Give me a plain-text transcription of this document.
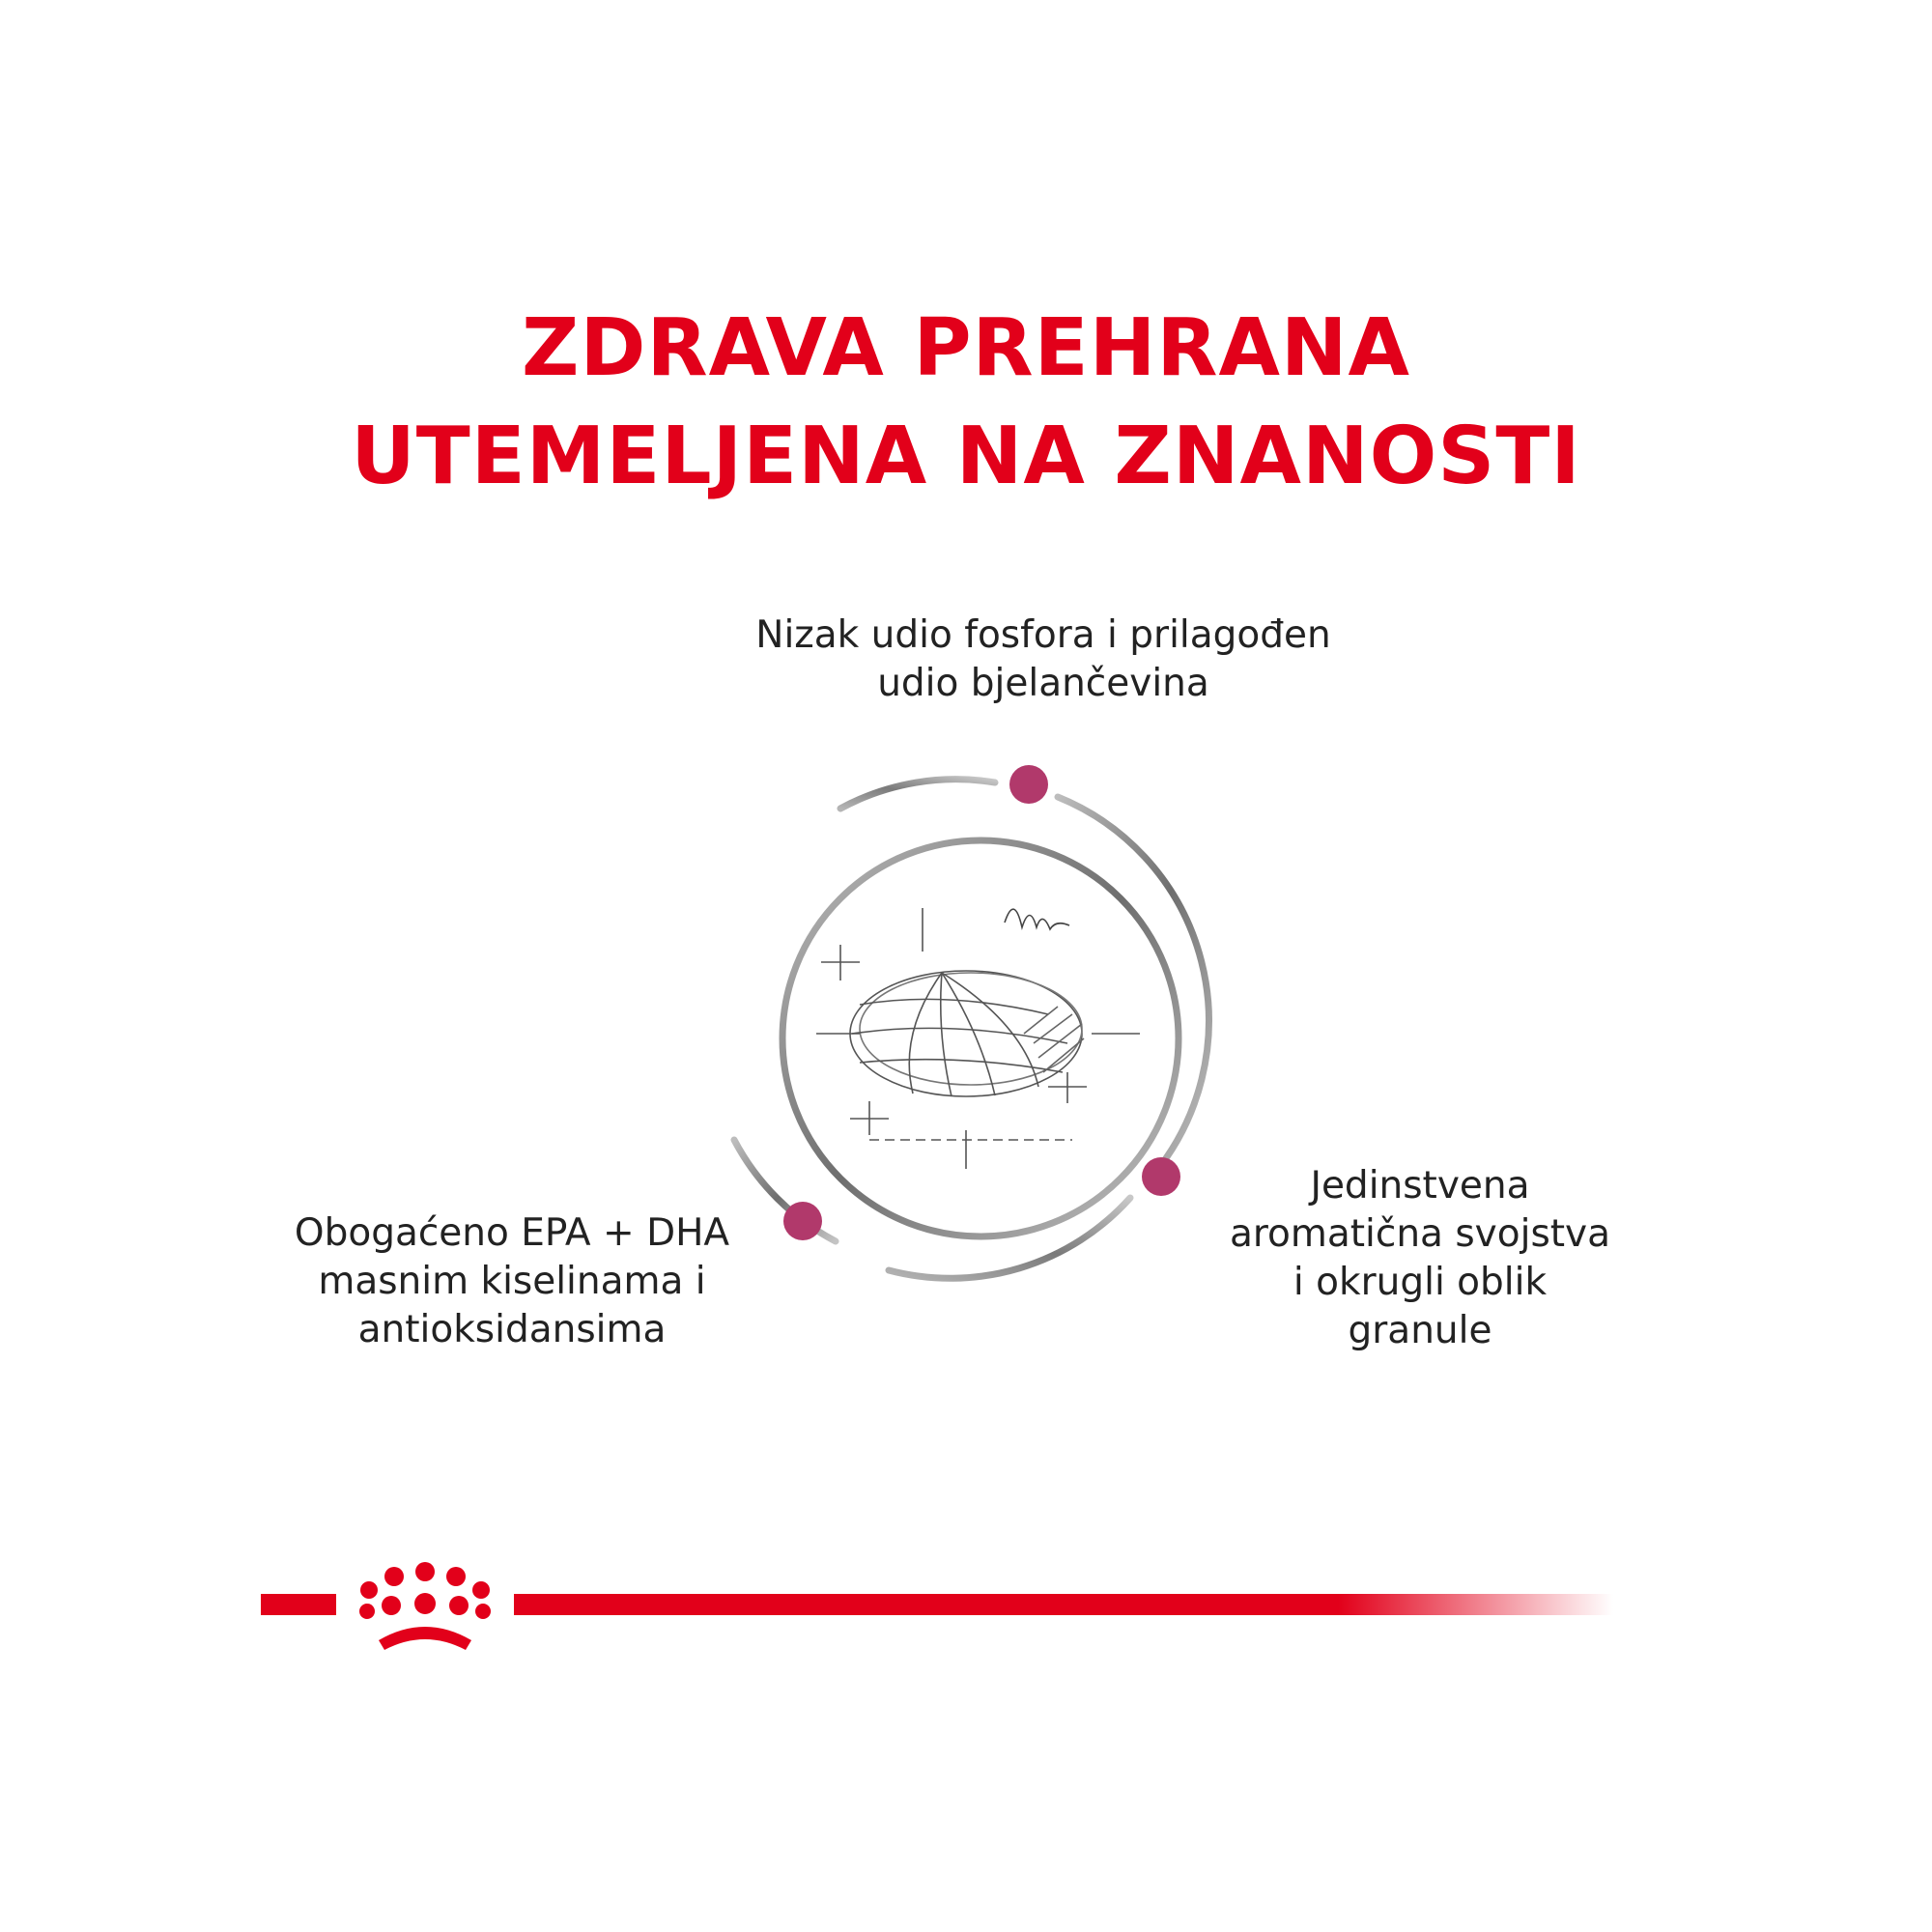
ZDRAVA PREHRANA
UTEMELJENA NA ZNANOSTI

Nizak udio fosfora i prilagođen
udio bjelančevina

Obogaćeno EPA + DHA
masnim kiselinama i
antioksidansima

Jedinstvena
aromatična svojstva
i okrugli oblik
granule
